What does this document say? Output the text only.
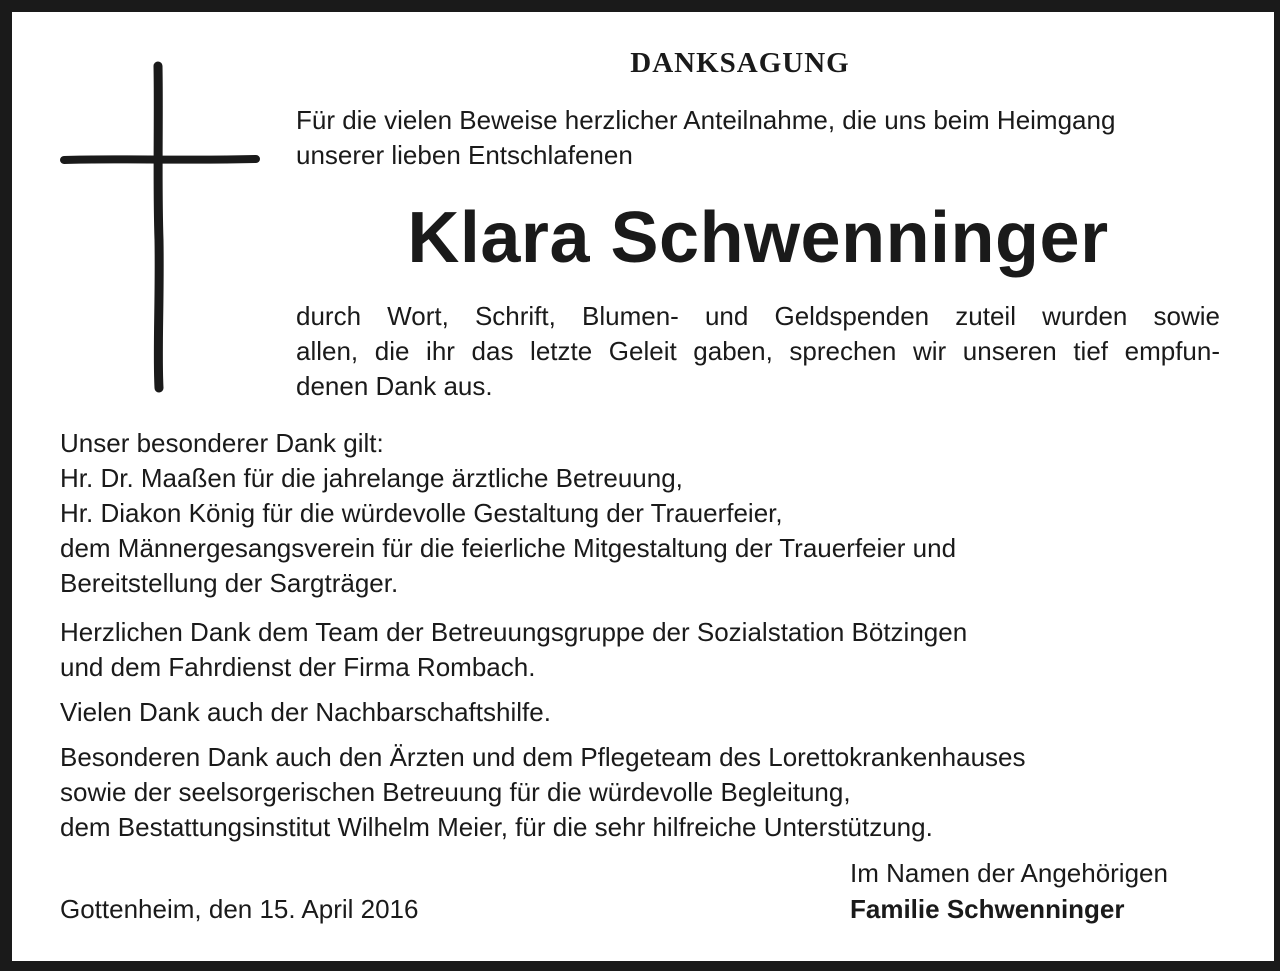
DANKSAGUNG

Für die vielen Beweise herzlicher Anteilnahme, die uns beim Heimgang
unserer lieben Entschlafenen

Klara Schwenninger

durch Wort, Schrift, Blumen- und Geldspenden zuteil wurden sowie
allen, die ihr das letzte Geleit gaben, sprechen wir unseren tief empfun-
denen Dank aus.

Unser besonderer Dank gilt:
Hr. Dr. Maaßen für die jahrelange ärztliche Betreuung,
Hr. Diakon König für die würdevolle Gestaltung der Trauerfeier,
dem Männergesangsverein für die feierliche Mitgestaltung der Trauerfeier und
Bereitstellung der Sargträger.

Herzlichen Dank dem Team der Betreuungsgruppe der Sozialstation Bötzingen
und dem Fahrdienst der Firma Rombach.

Vielen Dank auch der Nachbarschaftshilfe.

Besonderen Dank auch den Ärzten und dem Pflegeteam des Lorettokrankenhauses
sowie der seelsorgerischen Betreuung für die würdevolle Begleitung,
dem Bestattungsinstitut Wilhelm Meier, für die sehr hilfreiche Unterstützung.

Im Namen der Angehörigen

Familie Schwenninger

Gottenheim, den 15. April 2016
